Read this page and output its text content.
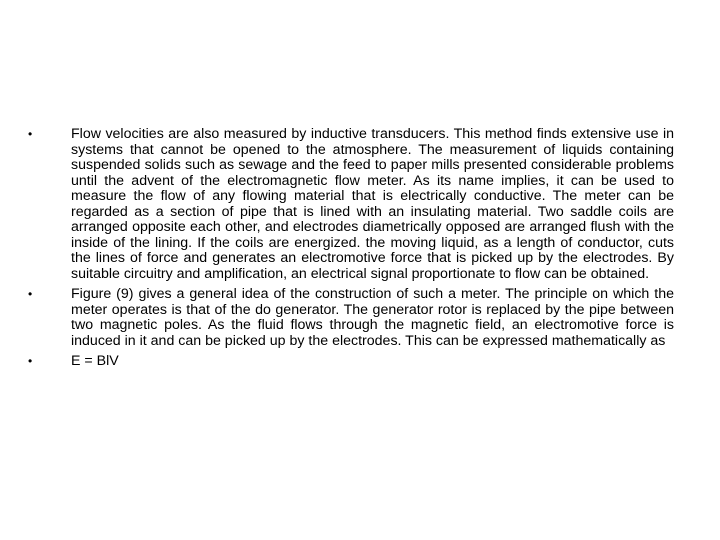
•	Flow velocities are also measured by inductive transducers. This method finds extensive use in systems that cannot be opened to the atmosphere. The measurement of liquids containing suspended solids such as sewage and the feed to paper mills presented considerable problems until the advent of the electromagnetic flow meter. As its name implies, it can be used to measure the flow of any flowing material that is electrically conductive. The meter can be regarded as a section of pipe that is lined with an insulating material. Two saddle coils are arranged opposite each other, and electrodes diametrically opposed are arranged flush with the inside of the lining. If the coils are energized. the moving liquid, as a length of conductor, cuts the lines of force and generates an electromotive force that is picked up by the electrodes. By suitable circuitry and amplification, an electrical signal proportionate to flow can be obtained.
•	Figure (9) gives a general idea of the construction of such a meter. The principle on which the meter operates is that of the do generator. The generator rotor is replaced by the pipe between two magnetic poles. As the fluid flows through the magnetic field, an electromotive force is induced in it and can be picked up by the electrodes. This can be expressed mathematically as
•	E = BlV
